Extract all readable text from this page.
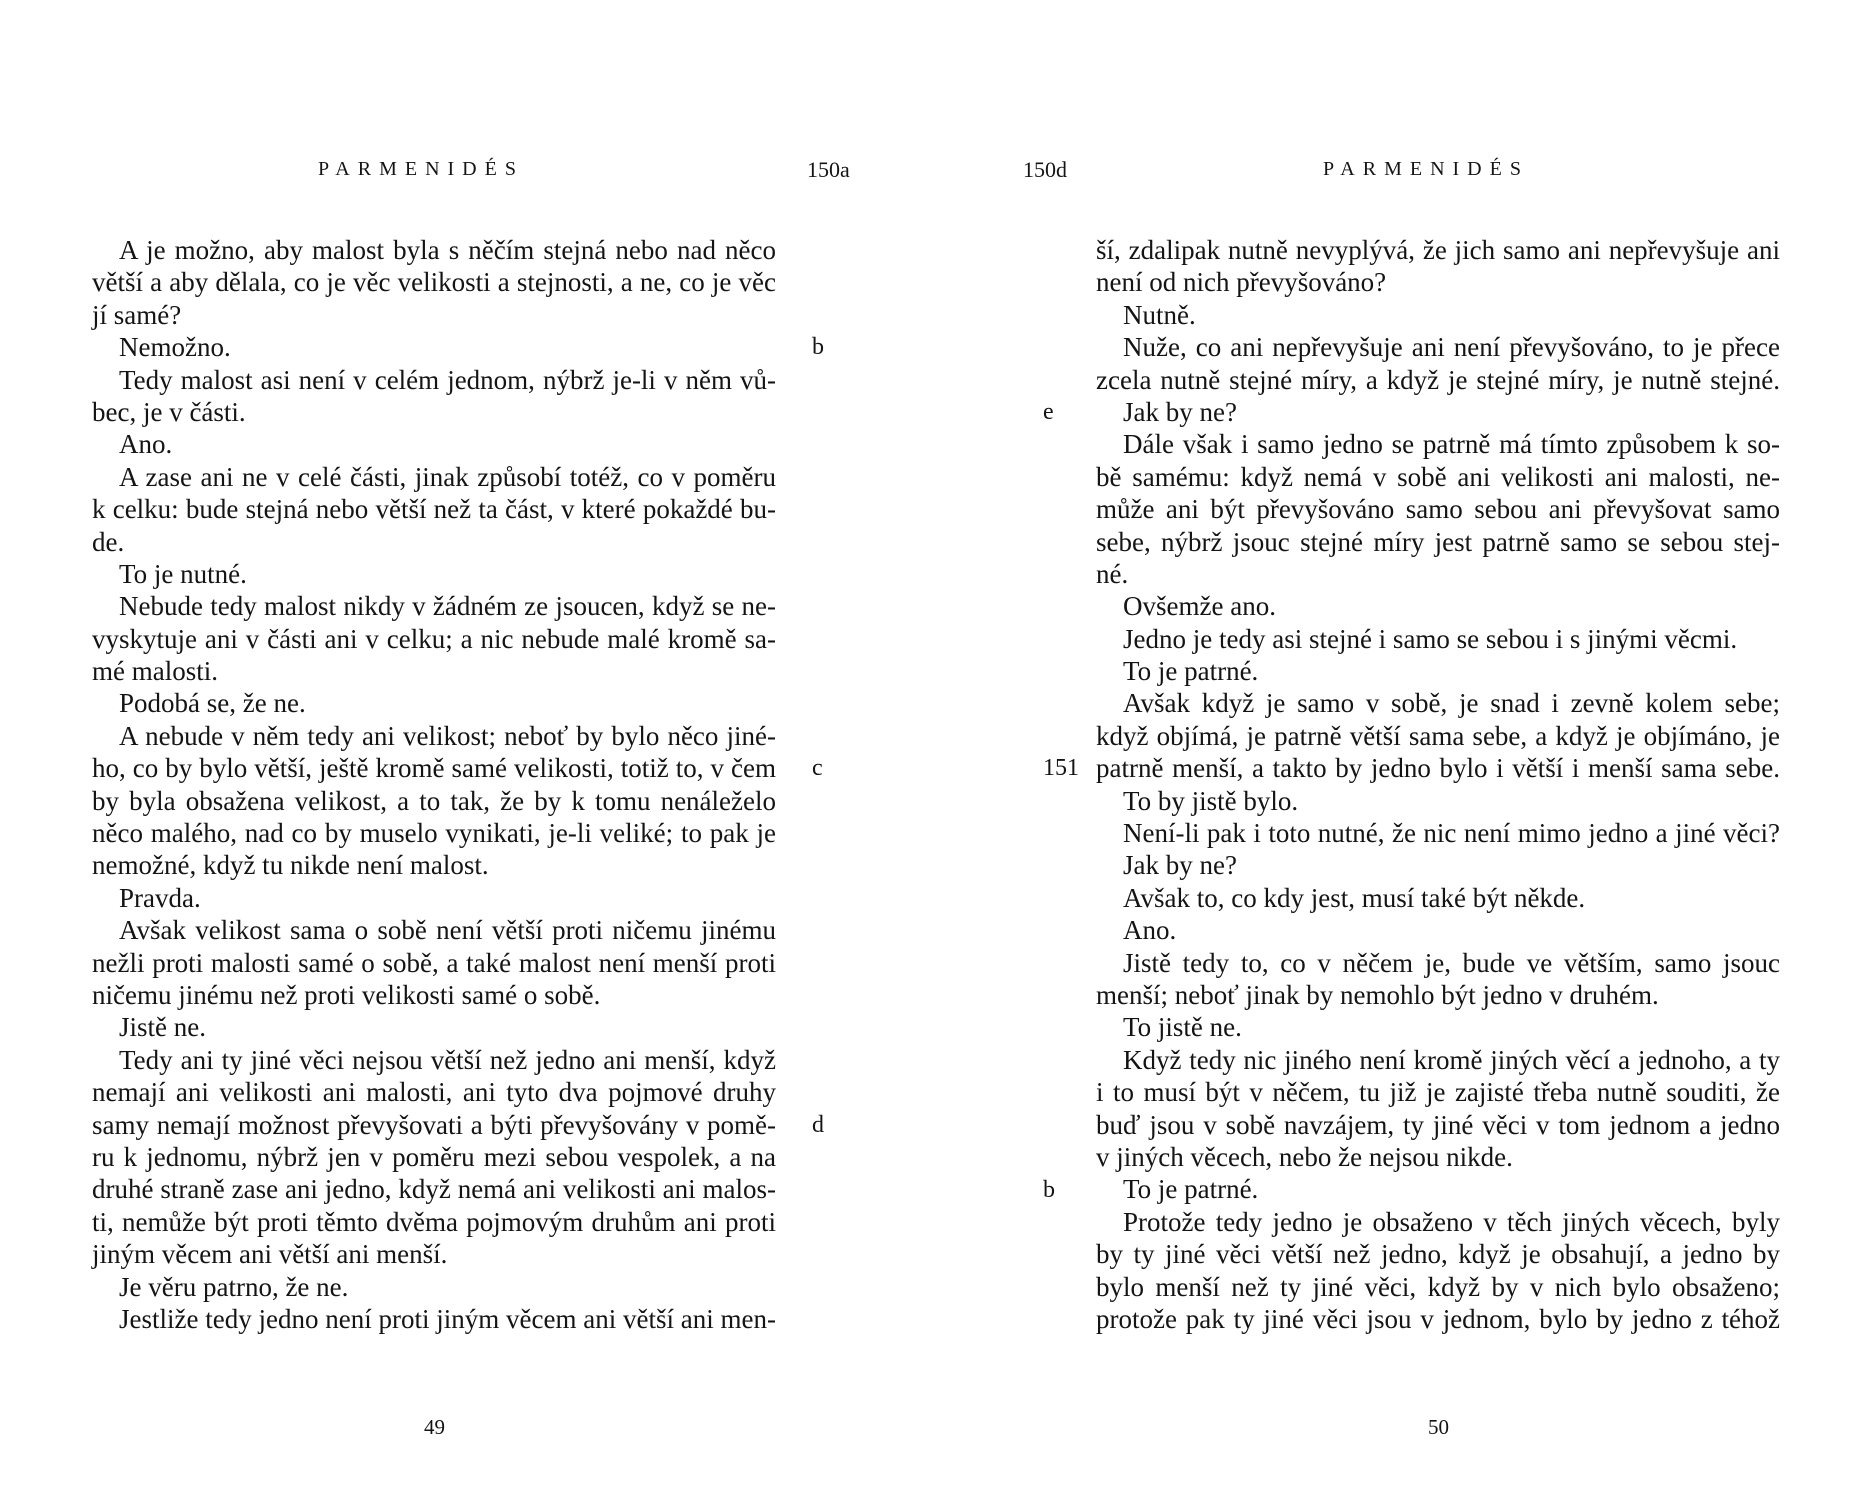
PARMENIDÉS	150a
A je možno, aby malost byla s něčím stejná nebo nad něco
větší a aby dělala, co je věc velikosti a stejnosti, a ne, co je věc
jí samé?
Nemožno.
Tedy malost asi není v celém jednom, nýbrž je-li v něm vů-
bec, je v části.
Ano.
A zase ani ne v celé části, jinak způsobí totéž, co v poměru
k celku: bude stejná nebo větší než ta část, v které pokaždé bu-
de.
To je nutné.
Nebude tedy malost nikdy v žádném ze jsoucen, když se ne-
vyskytuje ani v části ani v celku; a nic nebude malé kromě sa-
mé malosti.
Podobá se, že ne.
A nebude v něm tedy ani velikost; neboť by bylo něco jiné-
ho, co by bylo větší, ještě kromě samé velikosti, totiž to, v čem
by byla obsažena velikost, a to tak, že by k tomu nenáleželo
něco malého, nad co by muselo vynikati, je-li veliké; to pak je
nemožné, když tu nikde není malost.
Pravda.
Avšak velikost sama o sobě není větší proti ničemu jinému
nežli proti malosti samé o sobě, a také malost není menší proti
ničemu jinému než proti velikosti samé o sobě.
Jistě ne.
Tedy ani ty jiné věci nejsou větší než jedno ani menší, když
nemají ani velikosti ani malosti, ani tyto dva pojmové druhy
samy nemají možnost převyšovati a býti převyšovány v pomě-
ru k jednomu, nýbrž jen v poměru mezi sebou vespolek, a na
druhé straně zase ani jedno, když nemá ani velikosti ani malos-
ti, nemůže být proti těmto dvěma pojmovým druhům ani proti
jiným věcem ani větší ani menší.
Je věru patrno, že ne.
Jestliže tedy jedno není proti jiným věcem ani větší ani men-
49
b
c
d
PARMENIDÉS
150d
ší, zdalipak nutně nevyplývá, že jich samo ani nepřevyšuje ani
není od nich převyšováno?
Nutně.
Nuže, co ani nepřevyšuje ani není převyšováno, to je přece
zcela nutně stejné míry, a když je stejné míry, je nutně stejné.
Jak by ne?
Dále však i samo jedno se patrně má tímto způsobem k so-
bě samému: když nemá v sobě ani velikosti ani malosti, ne-
může ani být převyšováno samo sebou ani převyšovat samo
sebe, nýbrž jsouc stejné míry jest patrně samo se sebou stej-
né.
Ovšemže ano.
Jedno je tedy asi stejné i samo se sebou i s jinými věcmi.
To je patrné.
Avšak když je samo v sobě, je snad i zevně kolem sebe;
když objímá, je patrně větší sama sebe, a když je objímáno, je
patrně menší, a takto by jedno bylo i větší i menší sama sebe.
To by jistě bylo.
Není-li pak i toto nutné, že nic není mimo jedno a jiné věci?
Jak by ne?
Avšak to, co kdy jest, musí také být někde.
Ano.
Jistě tedy to, co v něčem je, bude ve větším, samo jsouc
menší; neboť jinak by nemohlo být jedno v druhém.
To jistě ne.
Když tedy nic jiného není kromě jiných věcí a jednoho, a ty
i to musí být v něčem, tu již je zajisté třeba nutně souditi, že
buď jsou v sobě navzájem, ty jiné věci v tom jednom a jedno
v jiných věcech, nebo že nejsou nikde.
To je patrné.
Protože tedy jedno je obsaženo v těch jiných věcech, byly
by ty jiné věci větší než jedno, když je obsahují, a jedno by
bylo menší než ty jiné věci, když by v nich bylo obsaženo;
protože pak ty jiné věci jsou v jednom, bylo by jedno z téhož
50
e
151
b
